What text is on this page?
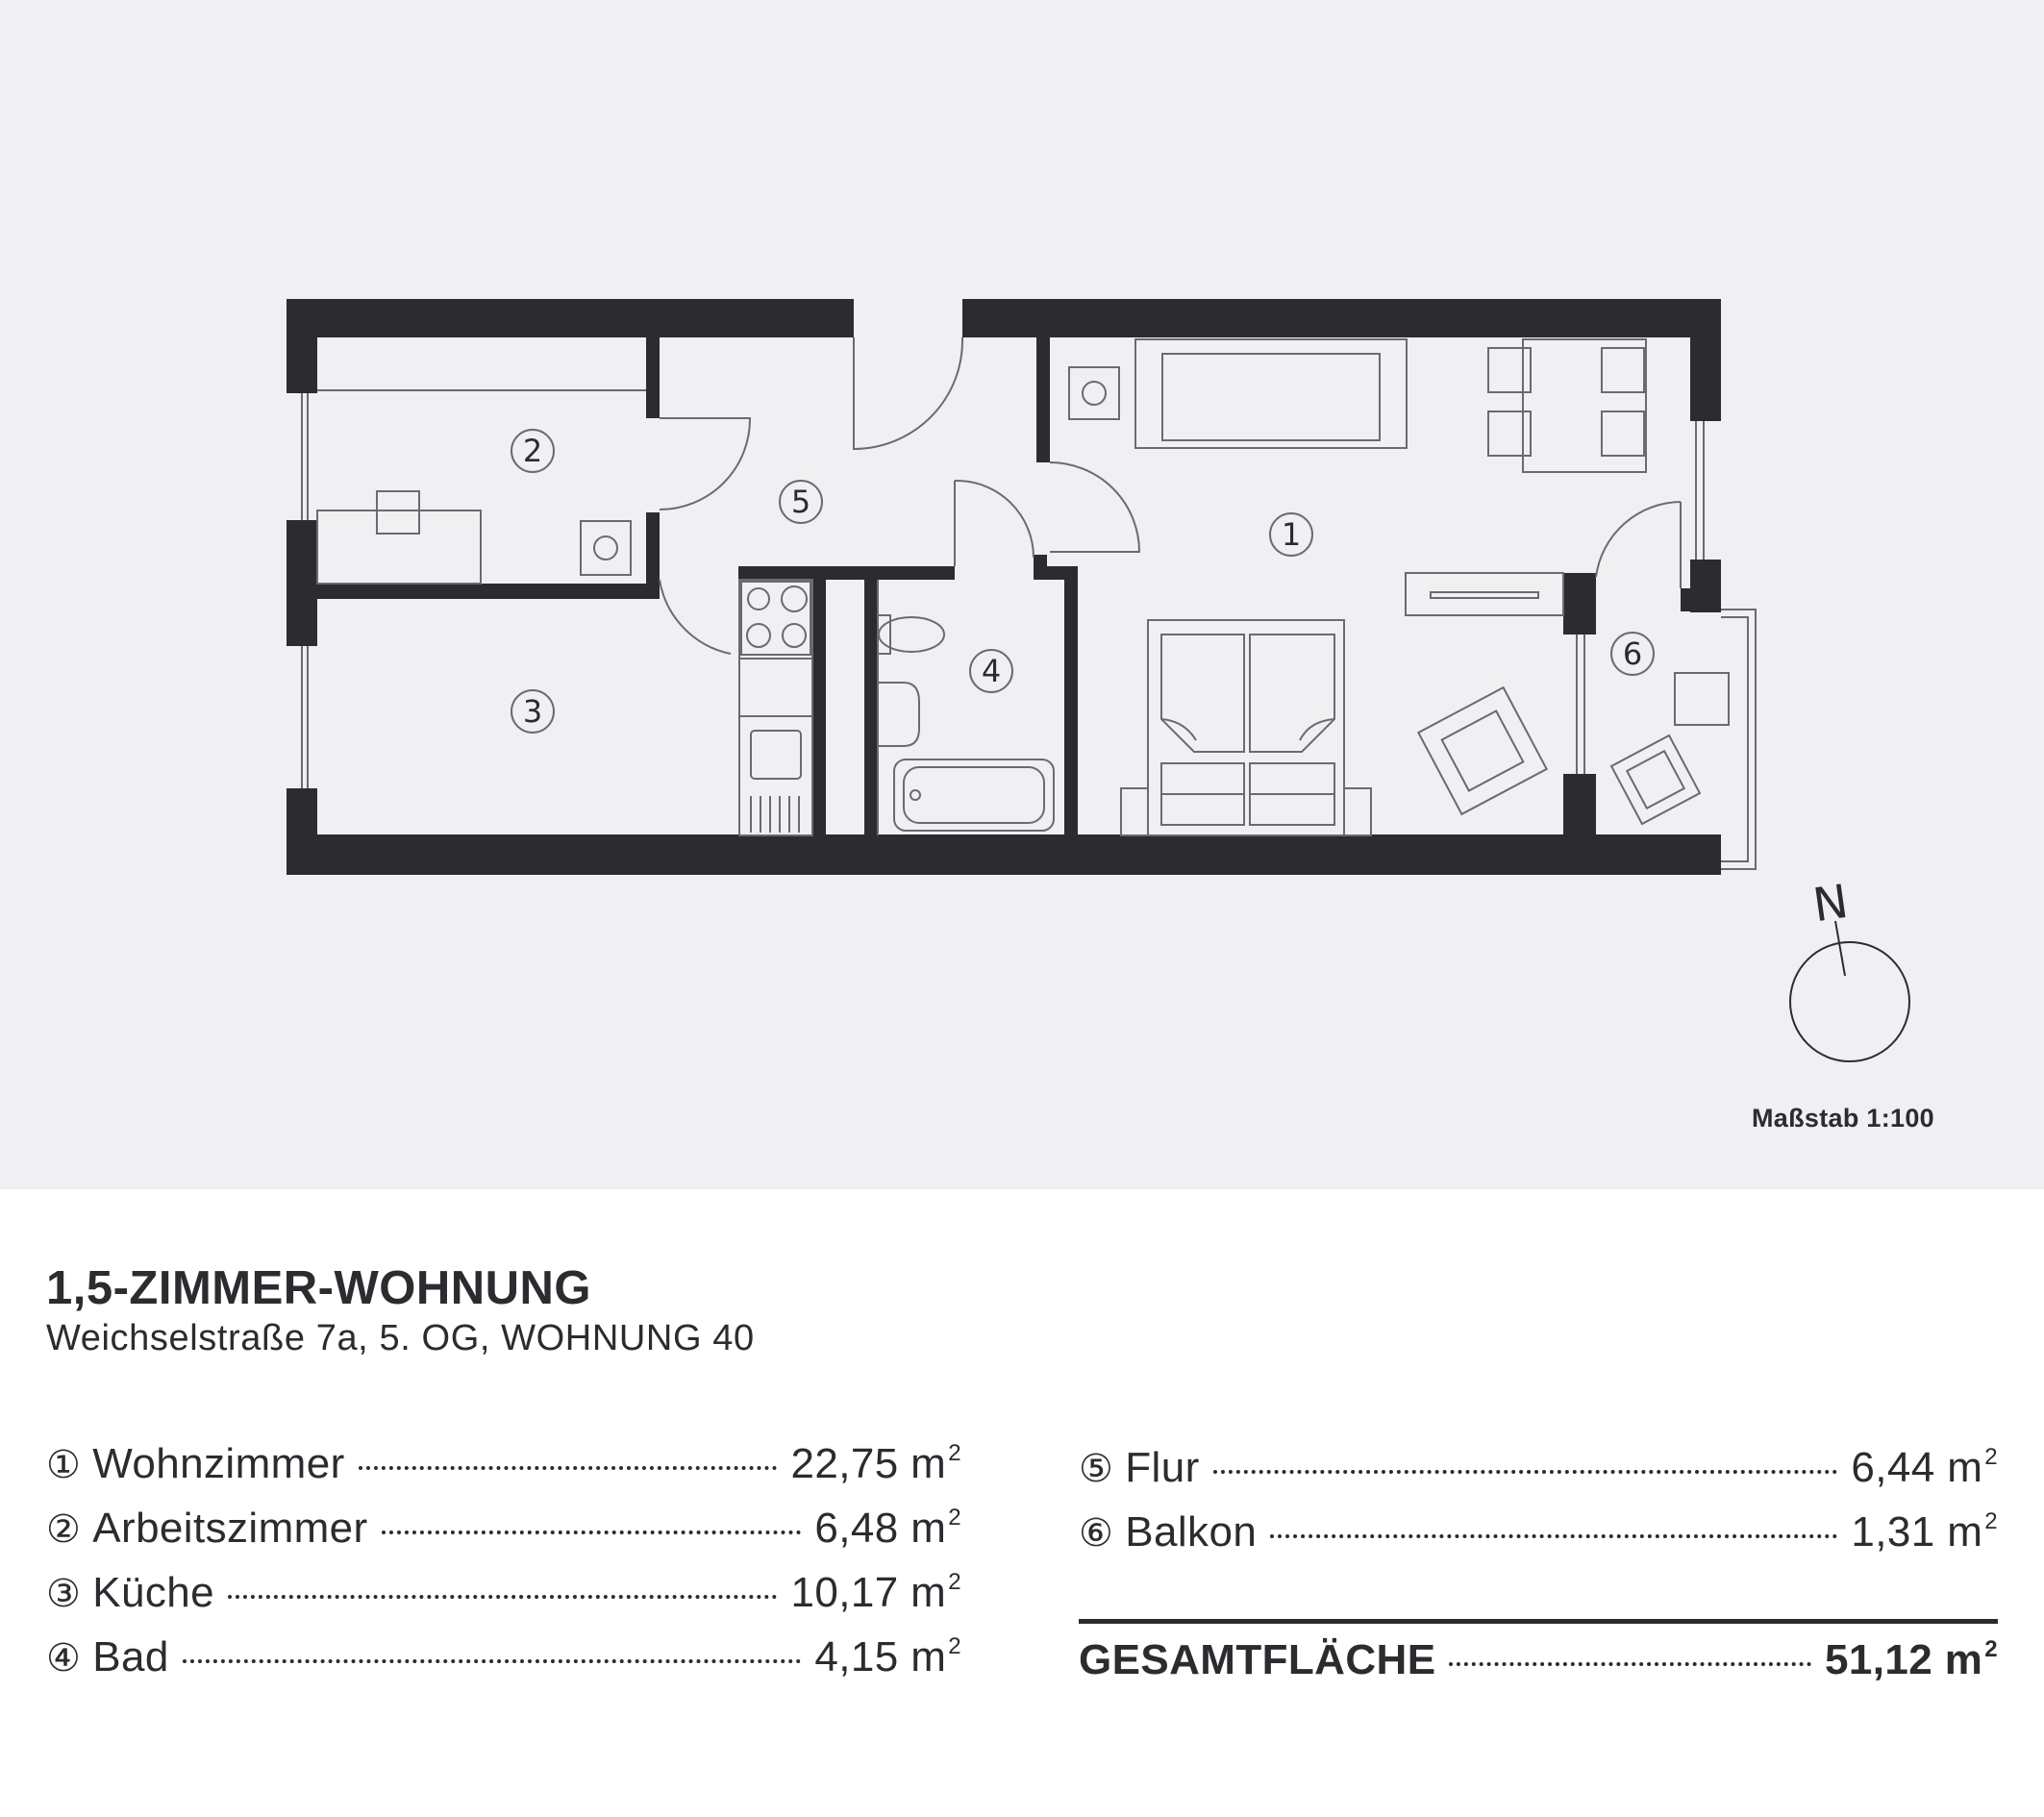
1
2
3
4
5
6
N
Maßstab 1:100
1,5-ZIMMER-WOHNUNG
Weichselstraße 7a, 5. OG, WOHNUNG 40
① Wohnzimmer	22,75 $m^2$
② Arbeitszimmer	6,48 $m^2$
③ Küche	10,17 $m^2$
④ Bad	4,15 $m^2$
⑤ Flur	6,44 $m^2$
⑥ Balkon	1,31 $m^2$
GESAMTFLÄCHE	51,12 $m^2$
